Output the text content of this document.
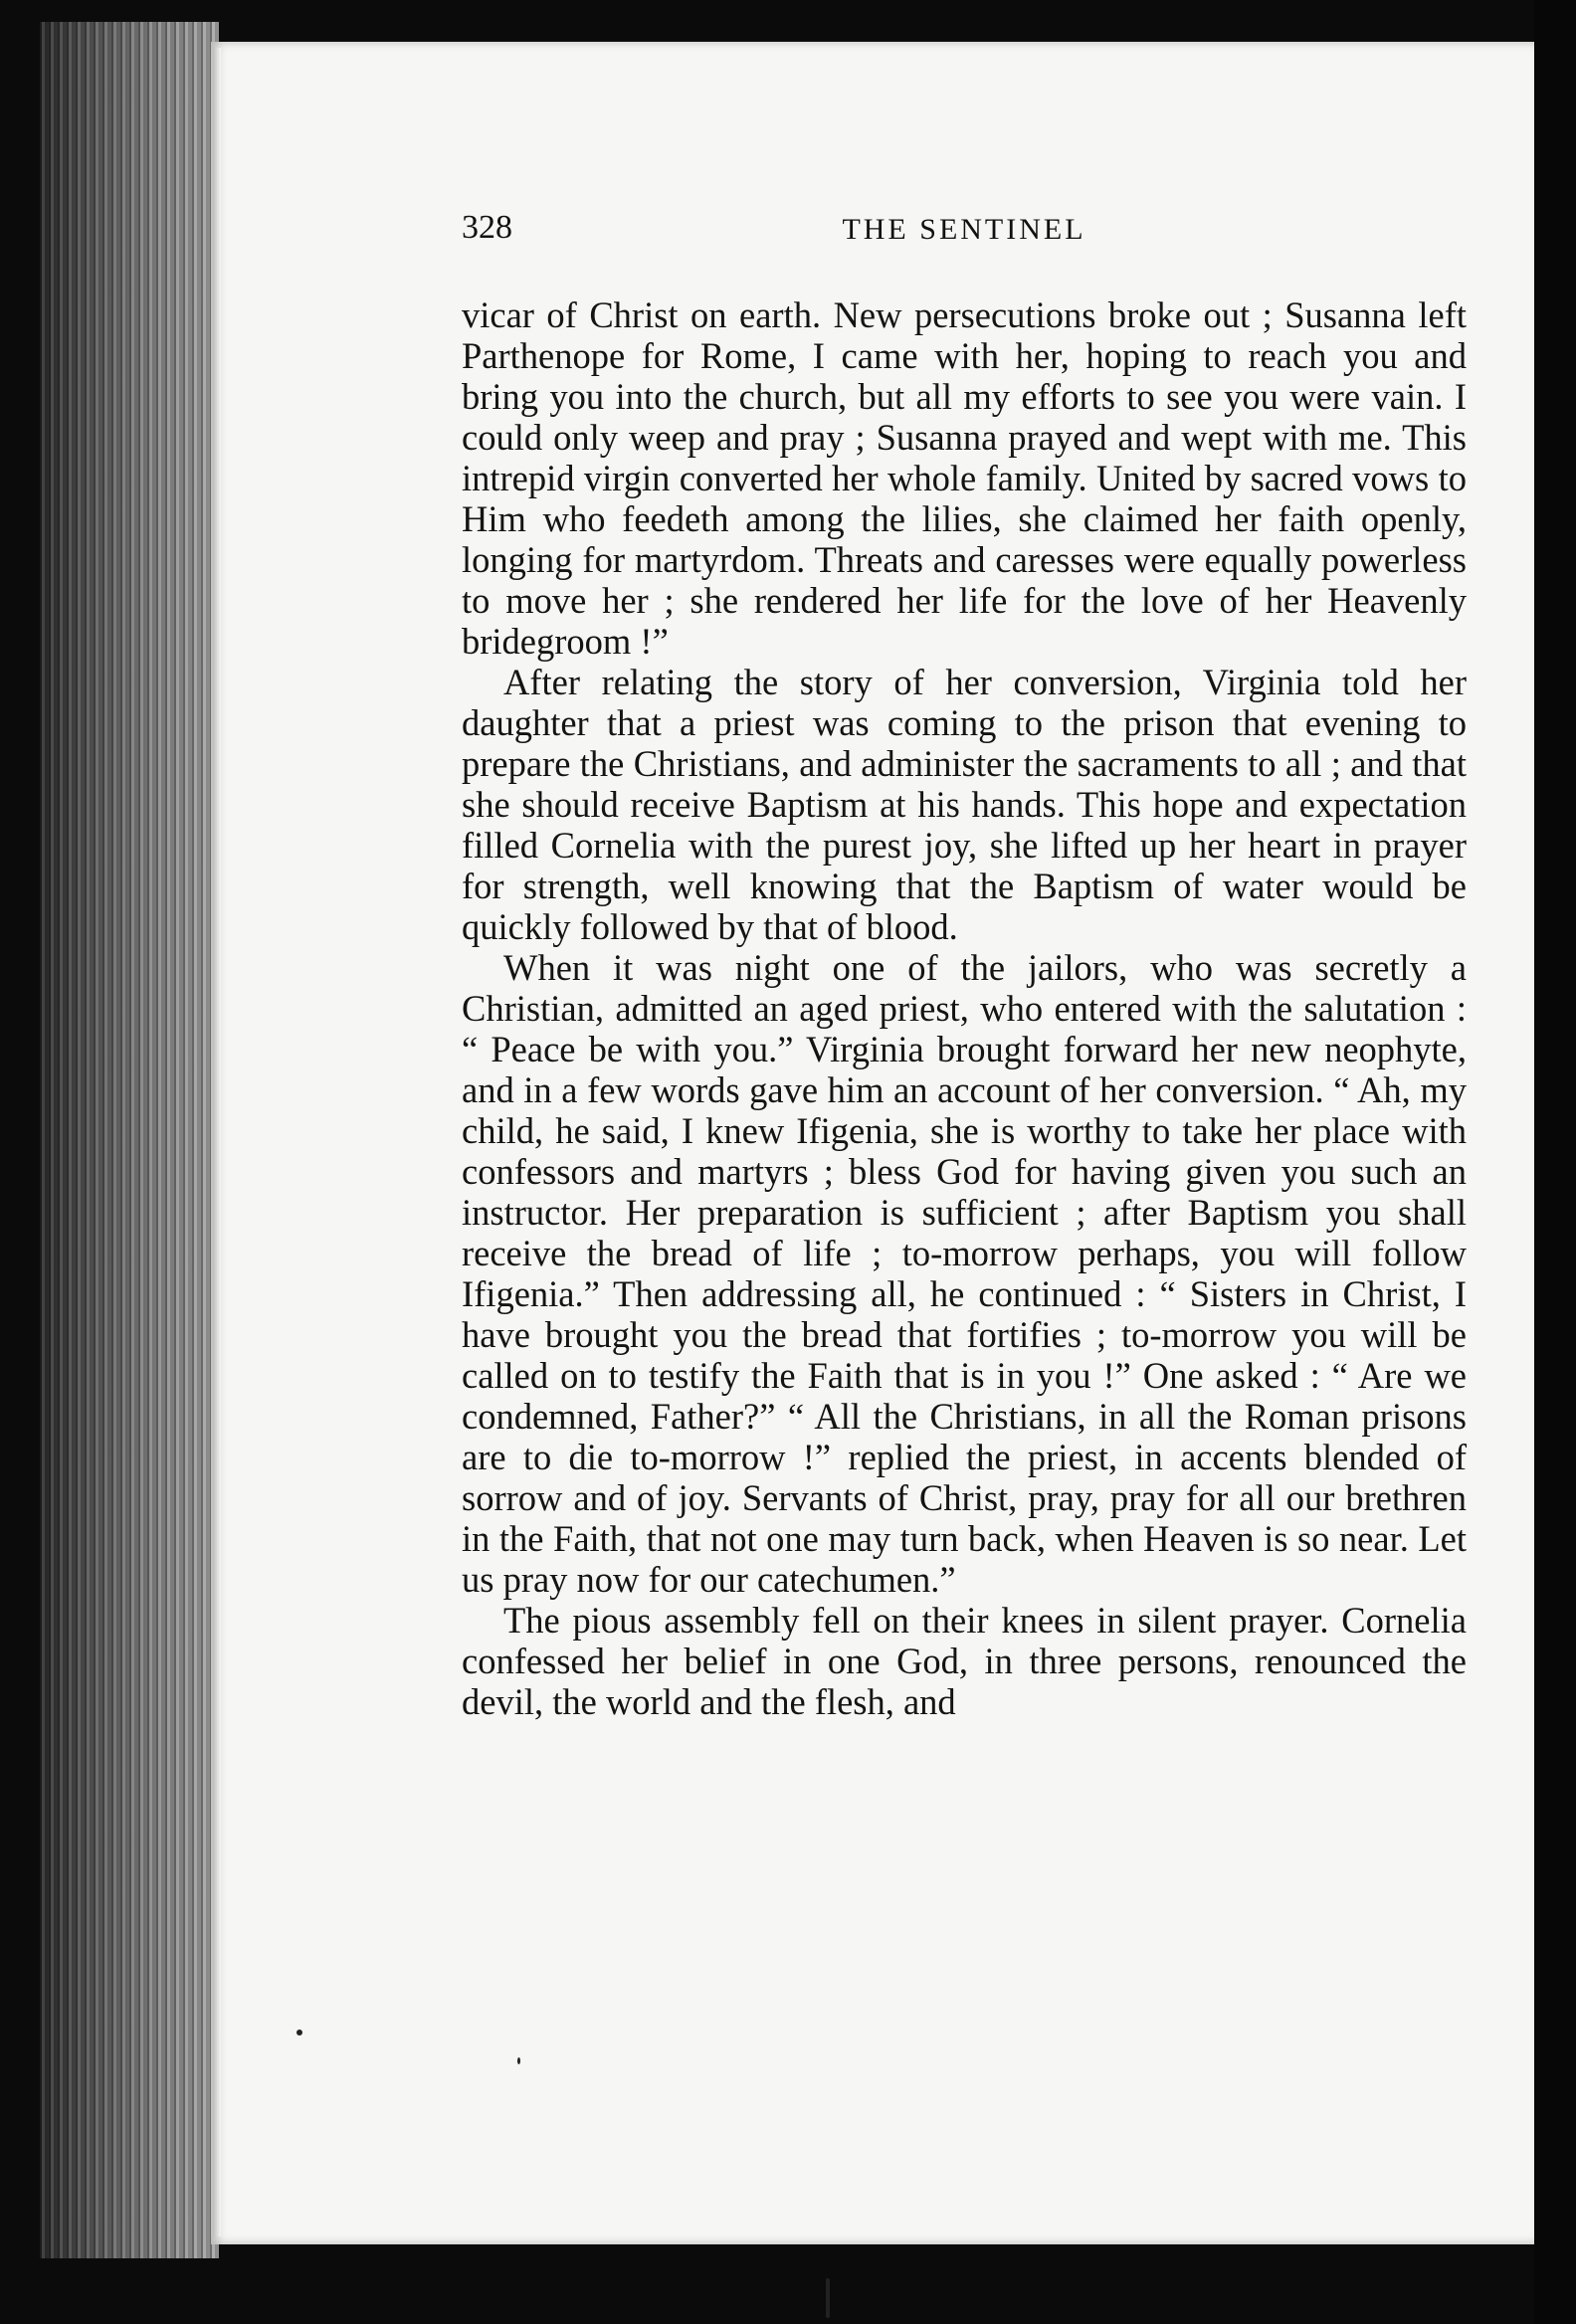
328	THE SENTINEL

vicar of Christ on earth. New persecutions broke out ; Susanna left Parthenope for Rome, I came with her, hoping to reach you and bring you into the church, but all my efforts to see you were vain. I could only weep and pray ; Susanna prayed and wept with me. This intrepid virgin converted her whole family. United by sacred vows to Him who feedeth among the lilies, she claimed her faith openly, longing for martyrdom. Threats and caresses were equally powerless to move her ; she rendered her life for the love of her Heavenly bridegroom !”

After relating the story of her conversion, Virginia told her daughter that a priest was coming to the prison that evening to prepare the Christians, and administer the sacraments to all ; and that she should receive Baptism at his hands. This hope and expectation filled Cornelia with the purest joy, she lifted up her heart in prayer for strength, well knowing that the Baptism of water would be quickly followed by that of blood.

When it was night one of the jailors, who was secretly a Christian, admitted an aged priest, who entered with the salutation : “ Peace be with you.” Virginia brought forward her new neophyte, and in a few words gave him an account of her conversion. “ Ah, my child, he said, I knew Ifigenia, she is worthy to take her place with confessors and martyrs ; bless God for having given you such an instructor. Her preparation is sufficient ; after Baptism you shall receive the bread of life ; to-morrow perhaps, you will follow Ifigenia.” Then addressing all, he continued : “ Sisters in Christ, I have brought you the bread that fortifies ; to-morrow you will be called on to testify the Faith that is in you !” One asked : “ Are we condemned, Father?” “ All the Christians, in all the Roman prisons are to die to-morrow !” replied the priest, in accents blended of sorrow and of joy. Servants of Christ, pray, pray for all our brethren in the Faith, that not one may turn back, when Heaven is so near. Let us pray now for our catechumen.”

The pious assembly fell on their knees in silent prayer. Cornelia confessed her belief in one God, in three persons, renounced the devil, the world and the flesh, and
